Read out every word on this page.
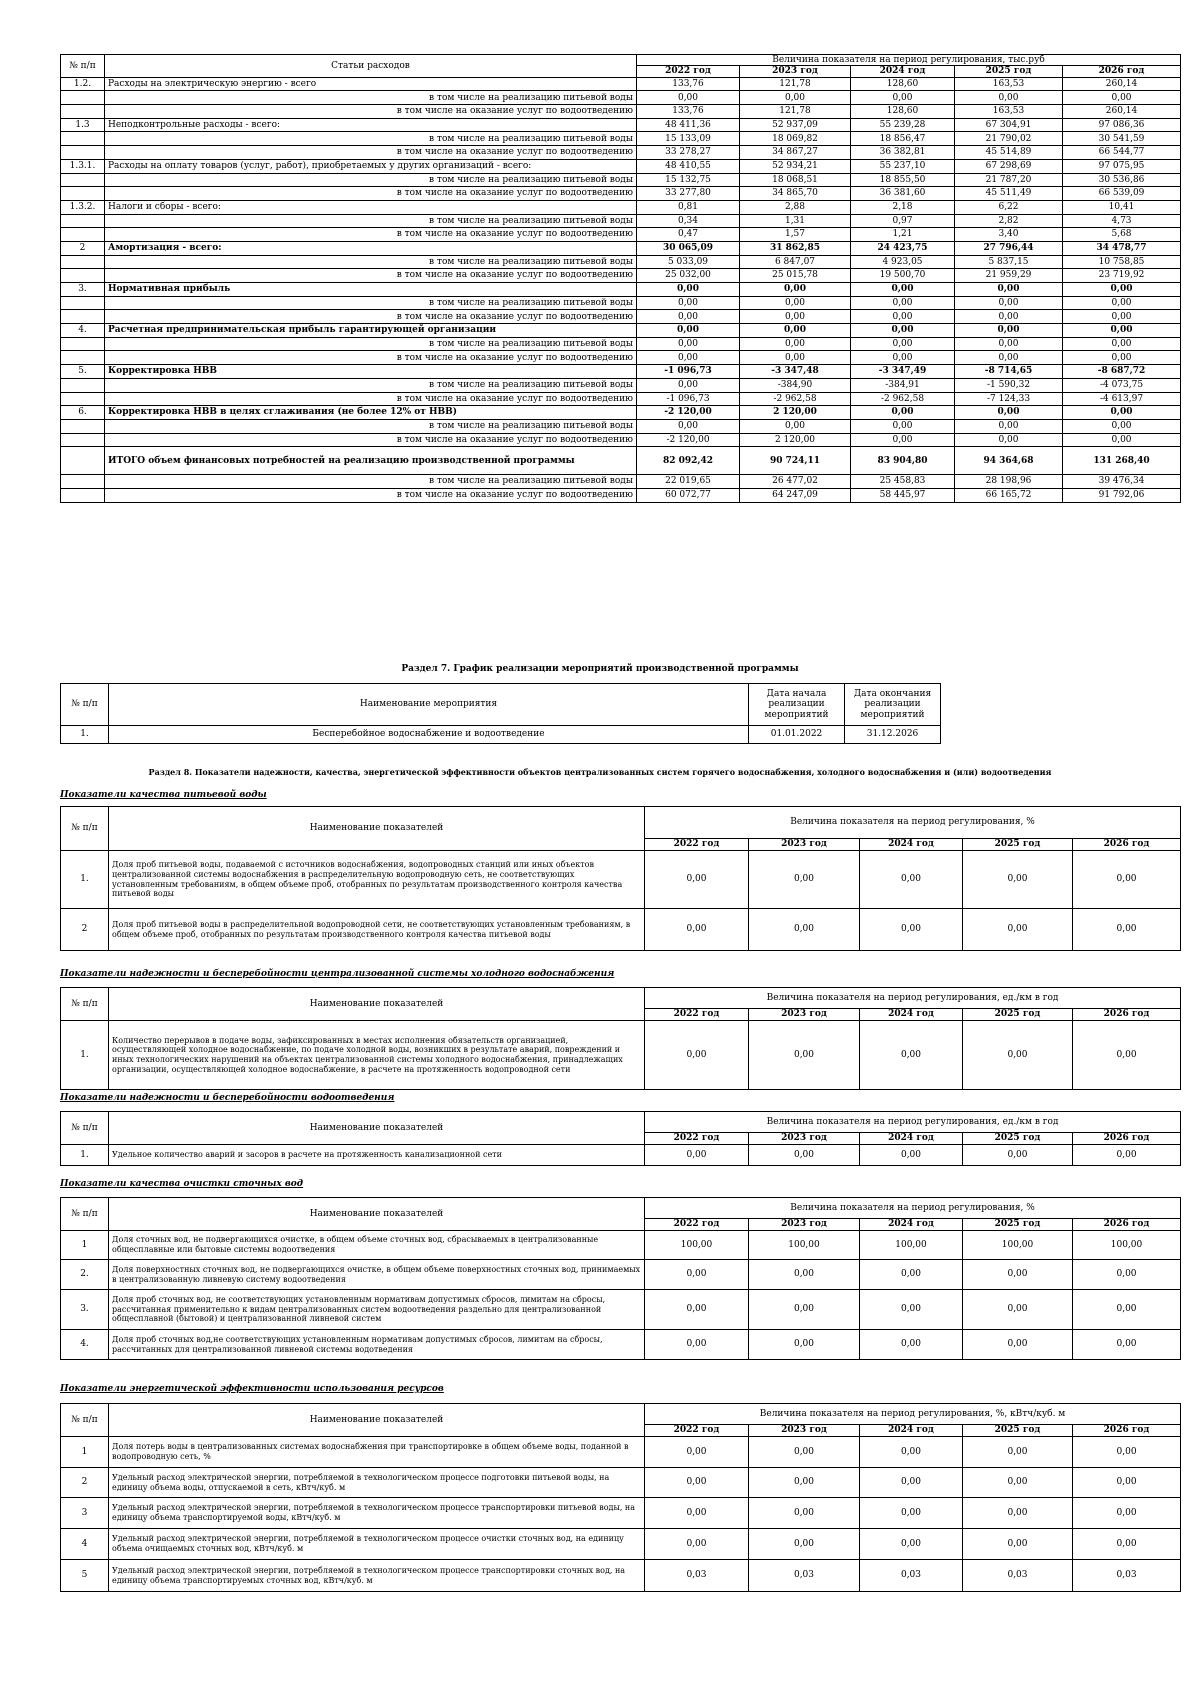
№ п/п	Статьи расходов	Величина показателя на период регулирования, тыс.руб				
		2022 год	2023 год	2024 год	2025 год	2026 год
1.2.	Расходы на электрическую энергию - всего	133,76	121,78	128,60	163,53	260,14
	в том числе на реализацию питьевой воды	0,00	0,00	0,00	0,00	0,00
	в том числе на оказание услуг по водоотведению	133,76	121,78	128,60	163,53	260,14
1.3	Неподконтрольные расходы - всего:	48 411,36	52 937,09	55 239,28	67 304,91	97 086,36
	в том числе на реализацию питьевой воды	15 133,09	18 069,82	18 856,47	21 790,02	30 541,59
	в том числе на оказание услуг по водоотведению	33 278,27	34 867,27	36 382,81	45 514,89	66 544,77
1.3.1.	Расходы на оплату товаров (услуг, работ), приобретаемых у других организаций - всего:	48 410,55	52 934,21	55 237,10	67 298,69	97 075,95
	в том числе на реализацию питьевой воды	15 132,75	18 068,51	18 855,50	21 787,20	30 536,86
	в том числе на оказание услуг по водоотведению	33 277,80	34 865,70	36 381,60	45 511,49	66 539,09
1.3.2.	Налоги и сборы - всего:	0,81	2,88	2,18	6,22	10,41
	в том числе на реализацию питьевой воды	0,34	1,31	0,97	2,82	4,73
	в том числе на оказание услуг по водоотведению	0,47	1,57	1,21	3,40	5,68
2	Амортизация - всего:	30 065,09	31 862,85	24 423,75	27 796,44	34 478,77
	в том числе на реализацию питьевой воды	5 033,09	6 847,07	4 923,05	5 837,15	10 758,85
	в том числе на оказание услуг по водоотведению	25 032,00	25 015,78	19 500,70	21 959,29	23 719,92
3.	Нормативная прибыль	0,00	0,00	0,00	0,00	0,00
	в том числе на реализацию питьевой воды	0,00	0,00	0,00	0,00	0,00
	в том числе на оказание услуг по водоотведению	0,00	0,00	0,00	0,00	0,00
4.	Расчетная предпринимательская прибыль гарантирующей организации	0,00	0,00	0,00	0,00	0,00
	в том числе на реализацию питьевой воды	0,00	0,00	0,00	0,00	0,00
	в том числе на оказание услуг по водоотведению	0,00	0,00	0,00	0,00	0,00
5.	Корректировка НВВ	-1 096,73	-3 347,48	-3 347,49	-8 714,65	-8 687,72
	в том числе на реализацию питьевой воды	0,00	-384,90	-384,91	-1 590,32	-4 073,75
	в том числе на оказание услуг по водоотведению	-1 096,73	-2 962,58	-2 962,58	-7 124,33	-4 613,97
6.	Корректировка НВВ в целях сглаживания (не более 12% от НВВ)	-2 120,00	2 120,00	0,00	0,00	0,00
	в том числе на реализацию питьевой воды	0,00	0,00	0,00	0,00	0,00
	в том числе на оказание услуг по водоотведению	-2 120,00	2 120,00	0,00	0,00	0,00
	ИТОГО объем финансовых потребностей на реализацию производственной программы	82 092,42	90 724,11	83 904,80	94 364,68	131 268,40
	в том числе на реализацию питьевой воды	22 019,65	26 477,02	25 458,83	28 198,96	39 476,34
	в том числе на оказание услуг по водоотведению	60 072,77	64 247,09	58 445,97	66 165,72	91 792,06
Раздел 7. График реализации мероприятий производственной программы
№ п/п	Наименование мероприятия	Дата начала реализации мероприятий	Дата окончания реализации мероприятий
1.	Бесперебойное водоснабжение и водоотведение	01.01.2022	31.12.2026
Раздел 8. Показатели надежности, качества, энергетической эффективности объектов централизованных систем горячего водоснабжения, холодного водоснабжения и (или) водоотведения
Показатели качества питьевой воды
№ п/п	Наименование показателей	Величина показателя на период регулирования, %				
		2022 год	2023 год	2024 год	2025 год	2026 год
1.	Доля проб питьевой воды, подаваемой с источников водоснабжения, водопроводных станций или иных объектов централизованной системы водоснабжения в распределительную водопроводную сеть, не соответствующих установленным требованиям, в общем объеме проб, отобранных по результатам производственного контроля качества питьевой воды	0,00	0,00	0,00	0,00	0,00
2	Доля проб питьевой воды в распределительной водопроводной сети, не соответствующих установленным требованиям, в общем объеме проб, отобранных по результатам производственного контроля качества питьевой воды	0,00	0,00	0,00	0,00	0,00
Показатели надежности и бесперебойности централизованной системы холодного водоснабжения
№ п/п	Наименование показателей	Величина показателя на период регулирования, ед./км в год				
		2022 год	2023 год	2024 год	2025 год	2026 год
1.	Количество перерывов в подаче воды, зафиксированных в местах исполнения обязательств организацией, осуществляющей холодное водоснабжение, по подаче холодной воды, возникших в результате аварий, повреждений и иных технологических нарушений на объектах централизованной системы холодного водоснабжения, принадлежащих организации, осуществляющей холодное водоснабжение, в расчете на протяженность водопроводной сети	0,00	0,00	0,00	0,00	0,00
Показатели надежности и бесперебойности водоотведения
№ п/п	Наименование показателей	Величина показателя на период регулирования, ед./км в год				
		2022 год	2023 год	2024 год	2025 год	2026 год
1.	Удельное количество аварий и засоров в расчете на протяженность канализационной сети	0,00	0,00	0,00	0,00	0,00
Показатели качества очистки сточных вод
№ п/п	Наименование показателей	Величина показателя на период регулирования, %				
		2022 год	2023 год	2024 год	2025 год	2026 год
1	Доля сточных вод, не подвергающихся очистке, в общем объеме сточных вод, сбрасываемых в централизованные общесплавные или бытовые системы водоотведения	100,00	100,00	100,00	100,00	100,00
2.	Доля поверхностных сточных вод, не подвергающихся очистке, в общем объеме поверхностных сточных вод, принимаемых в централизованную ливневую систему водоотведения	0,00	0,00	0,00	0,00	0,00
3.	Доля проб сточных вод, не соответствующих установленным нормативам допустимых сбросов, лимитам на сбросы, рассчитанная применительно к видам централизованных систем водоотведения раздельно для централизованной общесплавной (бытовой) и централизованной ливневой систем	0,00	0,00	0,00	0,00	0,00
4.	Доля проб сточных вод,не соответствующих установленным нормативам допустимых сбросов, лимитам на сбросы, рассчитанных для централизованной ливневой системы водотведения	0,00	0,00	0,00	0,00	0,00
Показатели энергетической эффективности использования ресурсов
№ п/п	Наименование показателей	Величина показателя на период регулирования, %, кВтч/куб. м				
		2022 год	2023 год	2024 год	2025 год	2026 год
1	Доля потерь воды в централизованных системах водоснабжения при транспортировке в общем объеме воды, поданной в водопроводную сеть, %	0,00	0,00	0,00	0,00	0,00
2	Удельный расход электрической энергии, потребляемой в технологическом процессе подготовки питьевой воды, на единицу объема воды, отпускаемой в сеть, кВтч/куб. м	0,00	0,00	0,00	0,00	0,00
3	Удельный расход электрической энергии, потребляемой в технологическом процессе транспортировки питьевой воды, на единицу объема транспортируемой воды, кВтч/куб. м	0,00	0,00	0,00	0,00	0,00
4	Удельный расход электрической энергии, потребляемой в технологическом процессе очистки сточных вод, на единицу объема очищаемых сточных вод, кВтч/куб. м	0,00	0,00	0,00	0,00	0,00
5	Удельный расход электрической энергии, потребляемой в технологическом процессе транспортировки сточных вод, на единицу объема транспортируемых сточных вод, кВтч/куб. м	0,03	0,03	0,03	0,03	0,03
